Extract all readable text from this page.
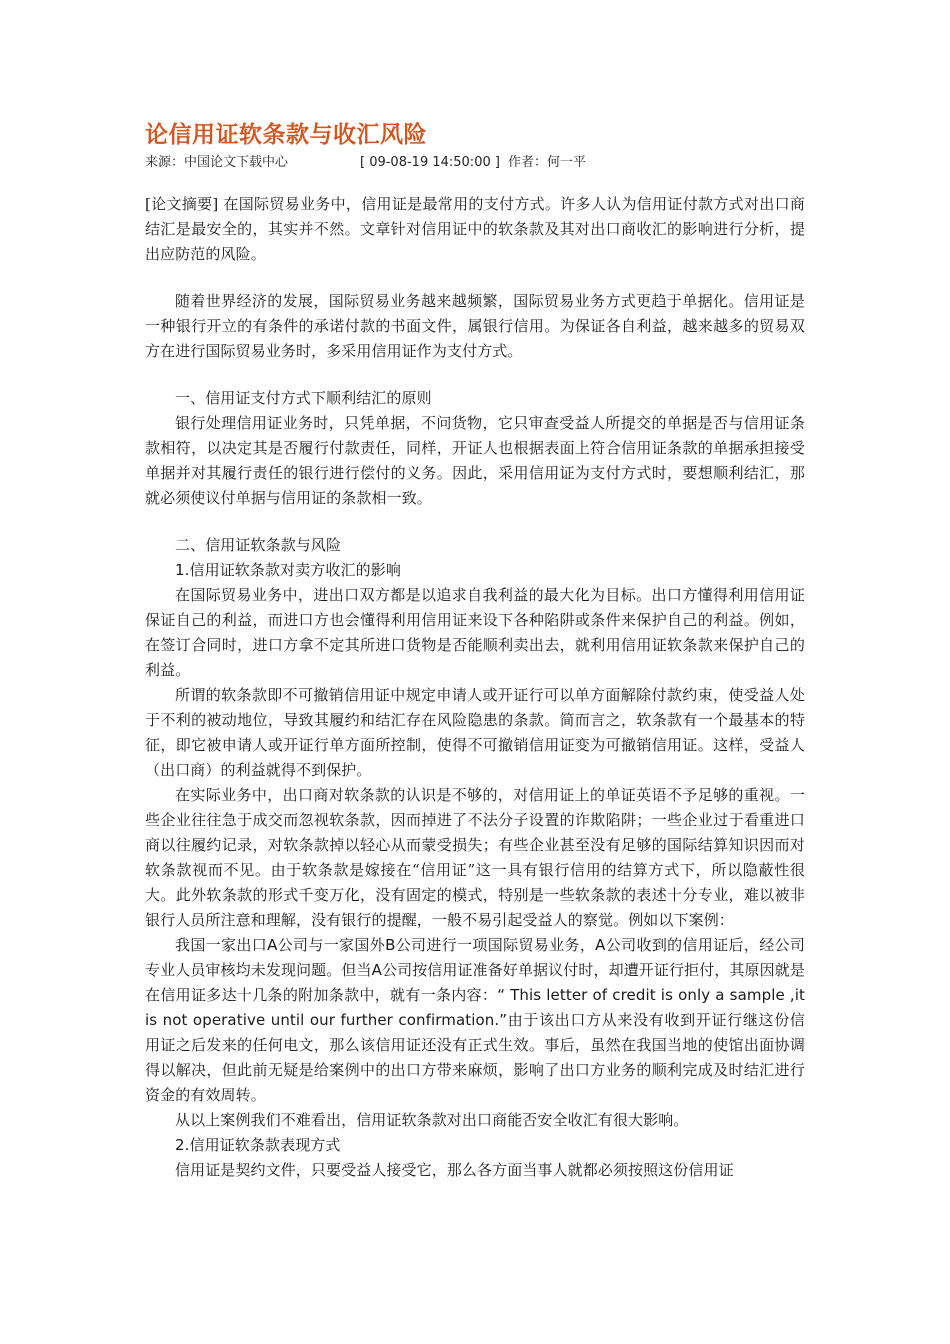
论信用证软条款与收汇风险
来源：中国论文下载中心	[ 09-08-19 14:50:00 ] 作者：何一平

[论文摘要] 在国际贸易业务中，信用证是最常用的支付方式。许多人认为信用证付款方式对出口商结汇是最安全的，其实并不然。文章针对信用证中的软条款及其对出口商收汇的影响进行分析，提出应防范的风险。

随着世界经济的发展，国际贸易业务越来越频繁，国际贸易业务方式更趋于单据化。信用证是一种银行开立的有条件的承诺付款的书面文件，属银行信用。为保证各自利益，越来越多的贸易双方在进行国际贸易业务时，多采用信用证作为支付方式。

一、信用证支付方式下顺利结汇的原则

银行处理信用证业务时，只凭单据，不问货物，它只审查受益人所提交的单据是否与信用证条款相符，以决定其是否履行付款责任，同样，开证人也根据表面上符合信用证条款的单据承担接受单据并对其履行责任的银行进行偿付的义务。因此，采用信用证为支付方式时，要想顺利结汇，那就必须使议付单据与信用证的条款相一致。

二、信用证软条款与风险

1.信用证软条款对卖方收汇的影响

在国际贸易业务中，进出口双方都是以追求自我利益的最大化为目标。出口方懂得利用信用证保证自己的利益，而进口方也会懂得利用信用证来设下各种陷阱或条件来保护自己的利益。例如，在签订合同时，进口方拿不定其所进口货物是否能顺利卖出去，就利用信用证软条款来保护自己的利益。

所谓的软条款即不可撤销信用证中规定申请人或开证行可以单方面解除付款约束，使受益人处于不利的被动地位，导致其履约和结汇存在风险隐患的条款。简而言之，软条款有一个最基本的特征，即它被申请人或开证行单方面所控制，使得不可撤销信用证变为可撤销信用证。这样，受益人（出口商）的利益就得不到保护。

在实际业务中，出口商对软条款的认识是不够的，对信用证上的单证英语不予足够的重视。一些企业往往急于成交而忽视软条款，因而掉进了不法分子设置的诈欺陷阱；一些企业过于看重进口商以往履约记录，对软条款掉以轻心从而蒙受损失；有些企业甚至没有足够的国际结算知识因而对软条款视而不见。由于软条款是嫁接在“信用证”这一具有银行信用的结算方式下，所以隐蔽性很大。此外软条款的形式千变万化，没有固定的模式，特别是一些软条款的表述十分专业，难以被非银行人员所注意和理解，没有银行的提醒，一般不易引起受益人的察觉。例如以下案例：

我国一家出口A公司与一家国外B公司进行一项国际贸易业务，A公司收到的信用证后，经公司专业人员审核均未发现问题。但当A公司按信用证准备好单据议付时，却遭开证行拒付，其原因就是在信用证多达十几条的附加条款中，就有一条内容：“ This letter of credit is only a sample ,it is not operative until our further confirmation.”由于该出口方从来没有收到开证行继这份信用证之后发来的任何电文，那么该信用证还没有正式生效。事后，虽然在我国当地的使馆出面协调得以解决，但此前无疑是给案例中的出口方带来麻烦，影响了出口方业务的顺利完成及时结汇进行资金的有效周转。

从以上案例我们不难看出，信用证软条款对出口商能否安全收汇有很大影响。

2.信用证软条款表现方式

信用证是契约文件，只要受益人接受它，那么各方面当事人就都必须按照这份信用证
